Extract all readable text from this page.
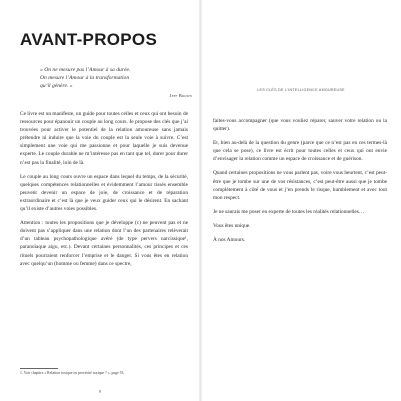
AVANT-PROPOS

« On ne mesure pas l’Amour à sa durée.

On mesure l’Amour à la transformation

qu’il génère. »

Jeff Brown

Ce livre est un manifeste, un guide pour toutes celles et ceux qui ont besoin de ressources pour épanouir un couple au long cours. Je propose des clés que j’ai trouvées pour activer le potentiel de la relation amoureuse sans jamais prétendre ni induire que la voie du couple est la seule voie à suivre. C’est simplement une voie qui me passionne et pour laquelle je suis devenue experte. Le couple durable ne m’intéresse pas en tant que tel, durer pour durer n’est pas la finalité, loin de là.

Le couple au long cours ouvre un espace dans lequel du temps, de la sécurité, quelques compétences relationnelles et évidemment l’amour tissés ensemble peuvent devenir un espace de joie, de croissance et de réparation extraordinaire et c’est là que je veux guider ceux qui le désirent. En sachant qu’il existe d’autres voies possibles.

Attention : toutes les propositions que je développe (c) ne peuvent pas et ne doivent pas s’appliquer dans une relation dont l’un des partenaires relèverait d’un tableau psychopathologique avéré (de type pervers narcissique¹, paranoïaque aigu, etc.). Devant certaines personnalités, ces principes et ces rituels pourraient renforcer l’emprise et le danger. Si vous êtes en relation avec quelqu’un (homme ou femme) dans ce spectre,

1. Voir chapitre « Relation toxique ou pervesité toxique ? », page 53.
9
LES CLÉS DE L’INTELLIGENCE AMOUREUSE

faites-vous accompagner (que vous vouliez réparer, sauver votre relation ou la quitter).

Et, bien au-delà de la question du genre (parce que ce n’est pas en ces termes-là que cela se pose), ce livre est écrit pour toutes celles et ceux qui ont envie d’envisager la relation comme un espace de croissance et de guérison.

Quand certaines propositions ne vous parlent pas, voire vous heurtent, c’est peut-être que je tombe sur une de vos résistances, c’est peut-être aussi que je tombe complètement à côté de vous et j’en prends le risque, humblement et avec tout mon respect.

Je ne saurais me poser en experte de toutes les réalités relationnelles…

Vous êtes unique.

À nos Amours.
